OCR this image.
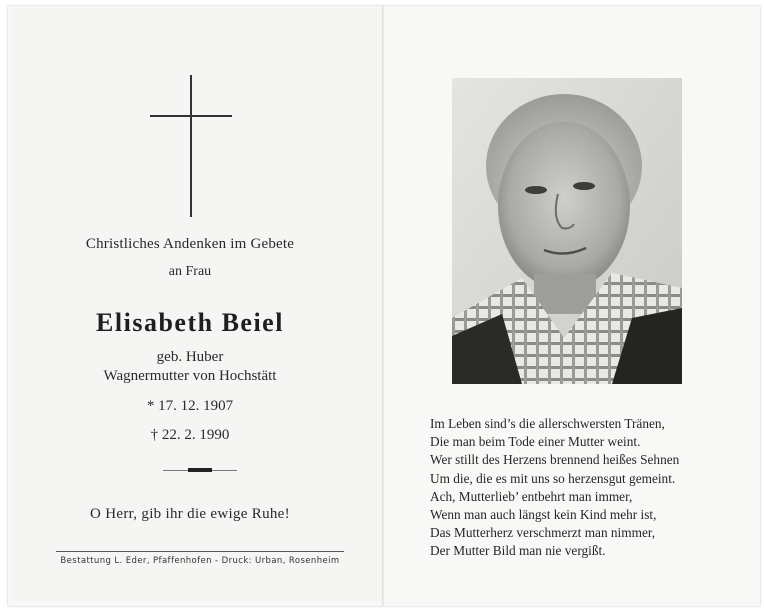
Christliches Andenken im Gebete
an Frau
Elisabeth Beiel
geb. Huber
Wagnermutter von Hochstätt
* 17. 12. 1907
† 22. 2. 1990
O Herr, gib ihr die ewige Ruhe!
Bestattung L. Eder, Pfaffenhofen - Druck: Urban, Rosenheim
Im Leben sind’s die allerschwersten Tränen,
Die man beim Tode einer Mutter weint.
Wer stillt des Herzens brennend heißes Sehnen
Um die, die es mit uns so herzensgut gemeint.
Ach, Mutterlieb’ entbehrt man immer,
Wenn man auch längst kein Kind mehr ist,
Das Mutterherz verschmerzt man nimmer,
Der Mutter Bild man nie vergißt.
